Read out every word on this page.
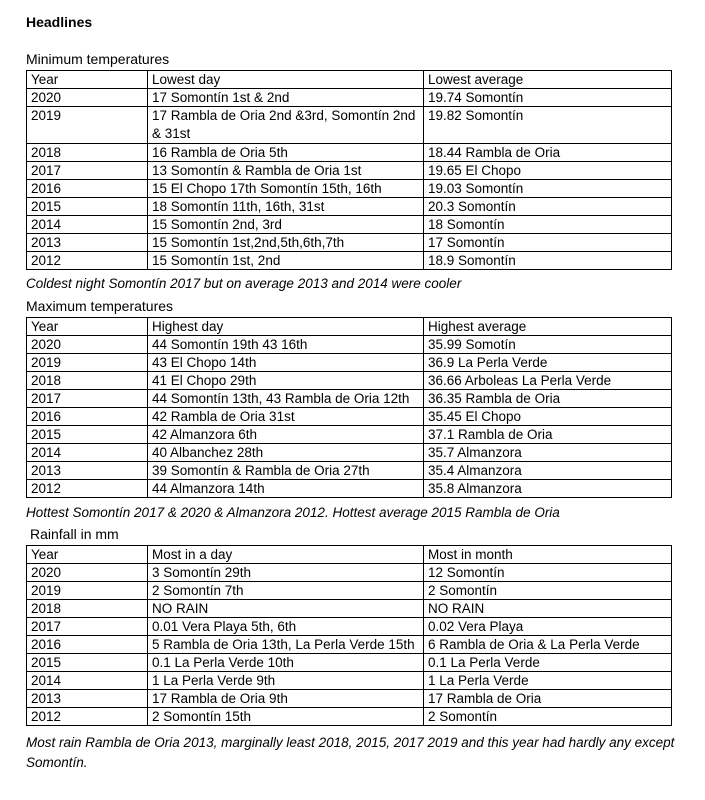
Headlines
Minimum temperatures
Year	Lowest day	Lowest average
2020	17 Somontín 1st & 2nd	19.74 Somontín
2019	17 Rambla de Oria 2nd &3rd, Somontín 2nd & 31st	19.82 Somontín
2018	16 Rambla de Oria 5th	18.44 Rambla de Oria
2017	13 Somontín & Rambla de Oria 1st	19.65 El Chopo
2016	15 El Chopo 17th Somontín 15th, 16th	19.03 Somontín
2015	18 Somontín 11th, 16th, 31st	20.3 Somontín
2014	15 Somontín 2nd, 3rd	18 Somontín
2013	15 Somontín 1st,2nd,5th,6th,7th	17 Somontín
2012	15 Somontín 1st, 2nd	18.9 Somontín
Coldest night Somontín 2017 but on average 2013 and 2014 were cooler
Maximum temperatures
Year	Highest day	Highest average
2020	44 Somontín 19th 43 16th	35.99 Somotín
2019	43 El Chopo 14th	36.9 La Perla Verde
2018	41 El Chopo 29th	36.66 Arboleas La Perla Verde
2017	44 Somontín 13th, 43 Rambla de Oria 12th	36.35 Rambla de Oria
2016	42 Rambla de Oria 31st	35.45 El Chopo
2015	42 Almanzora 6th	37.1 Rambla de Oria
2014	40 Albanchez 28th	35.7 Almanzora
2013	39 Somontín & Rambla de Oria 27th	35.4 Almanzora
2012	44 Almanzora 14th	35.8 Almanzora
Hottest Somontín 2017 & 2020 & Almanzora 2012. Hottest average 2015 Rambla de Oria
Rainfall in mm
Year	Most in a day	Most in month
2020	3 Somontín 29th	12 Somontín
2019	2 Somontín 7th	2 Somontín
2018	NO RAIN	NO RAIN
2017	0.01 Vera Playa 5th, 6th	0.02 Vera Playa
2016	5 Rambla de Oria 13th, La Perla Verde 15th	6 Rambla de Oria & La Perla Verde
2015	0.1 La Perla Verde 10th	0.1 La Perla Verde
2014	1 La Perla Verde 9th	1 La Perla Verde
2013	17 Rambla de Oria 9th	17 Rambla de Oria
2012	2 Somontín 15th	2 Somontín
Most rain Rambla de Oria 2013, marginally least 2018, 2015, 2017 2019 and this year had hardly any except Somontín.
